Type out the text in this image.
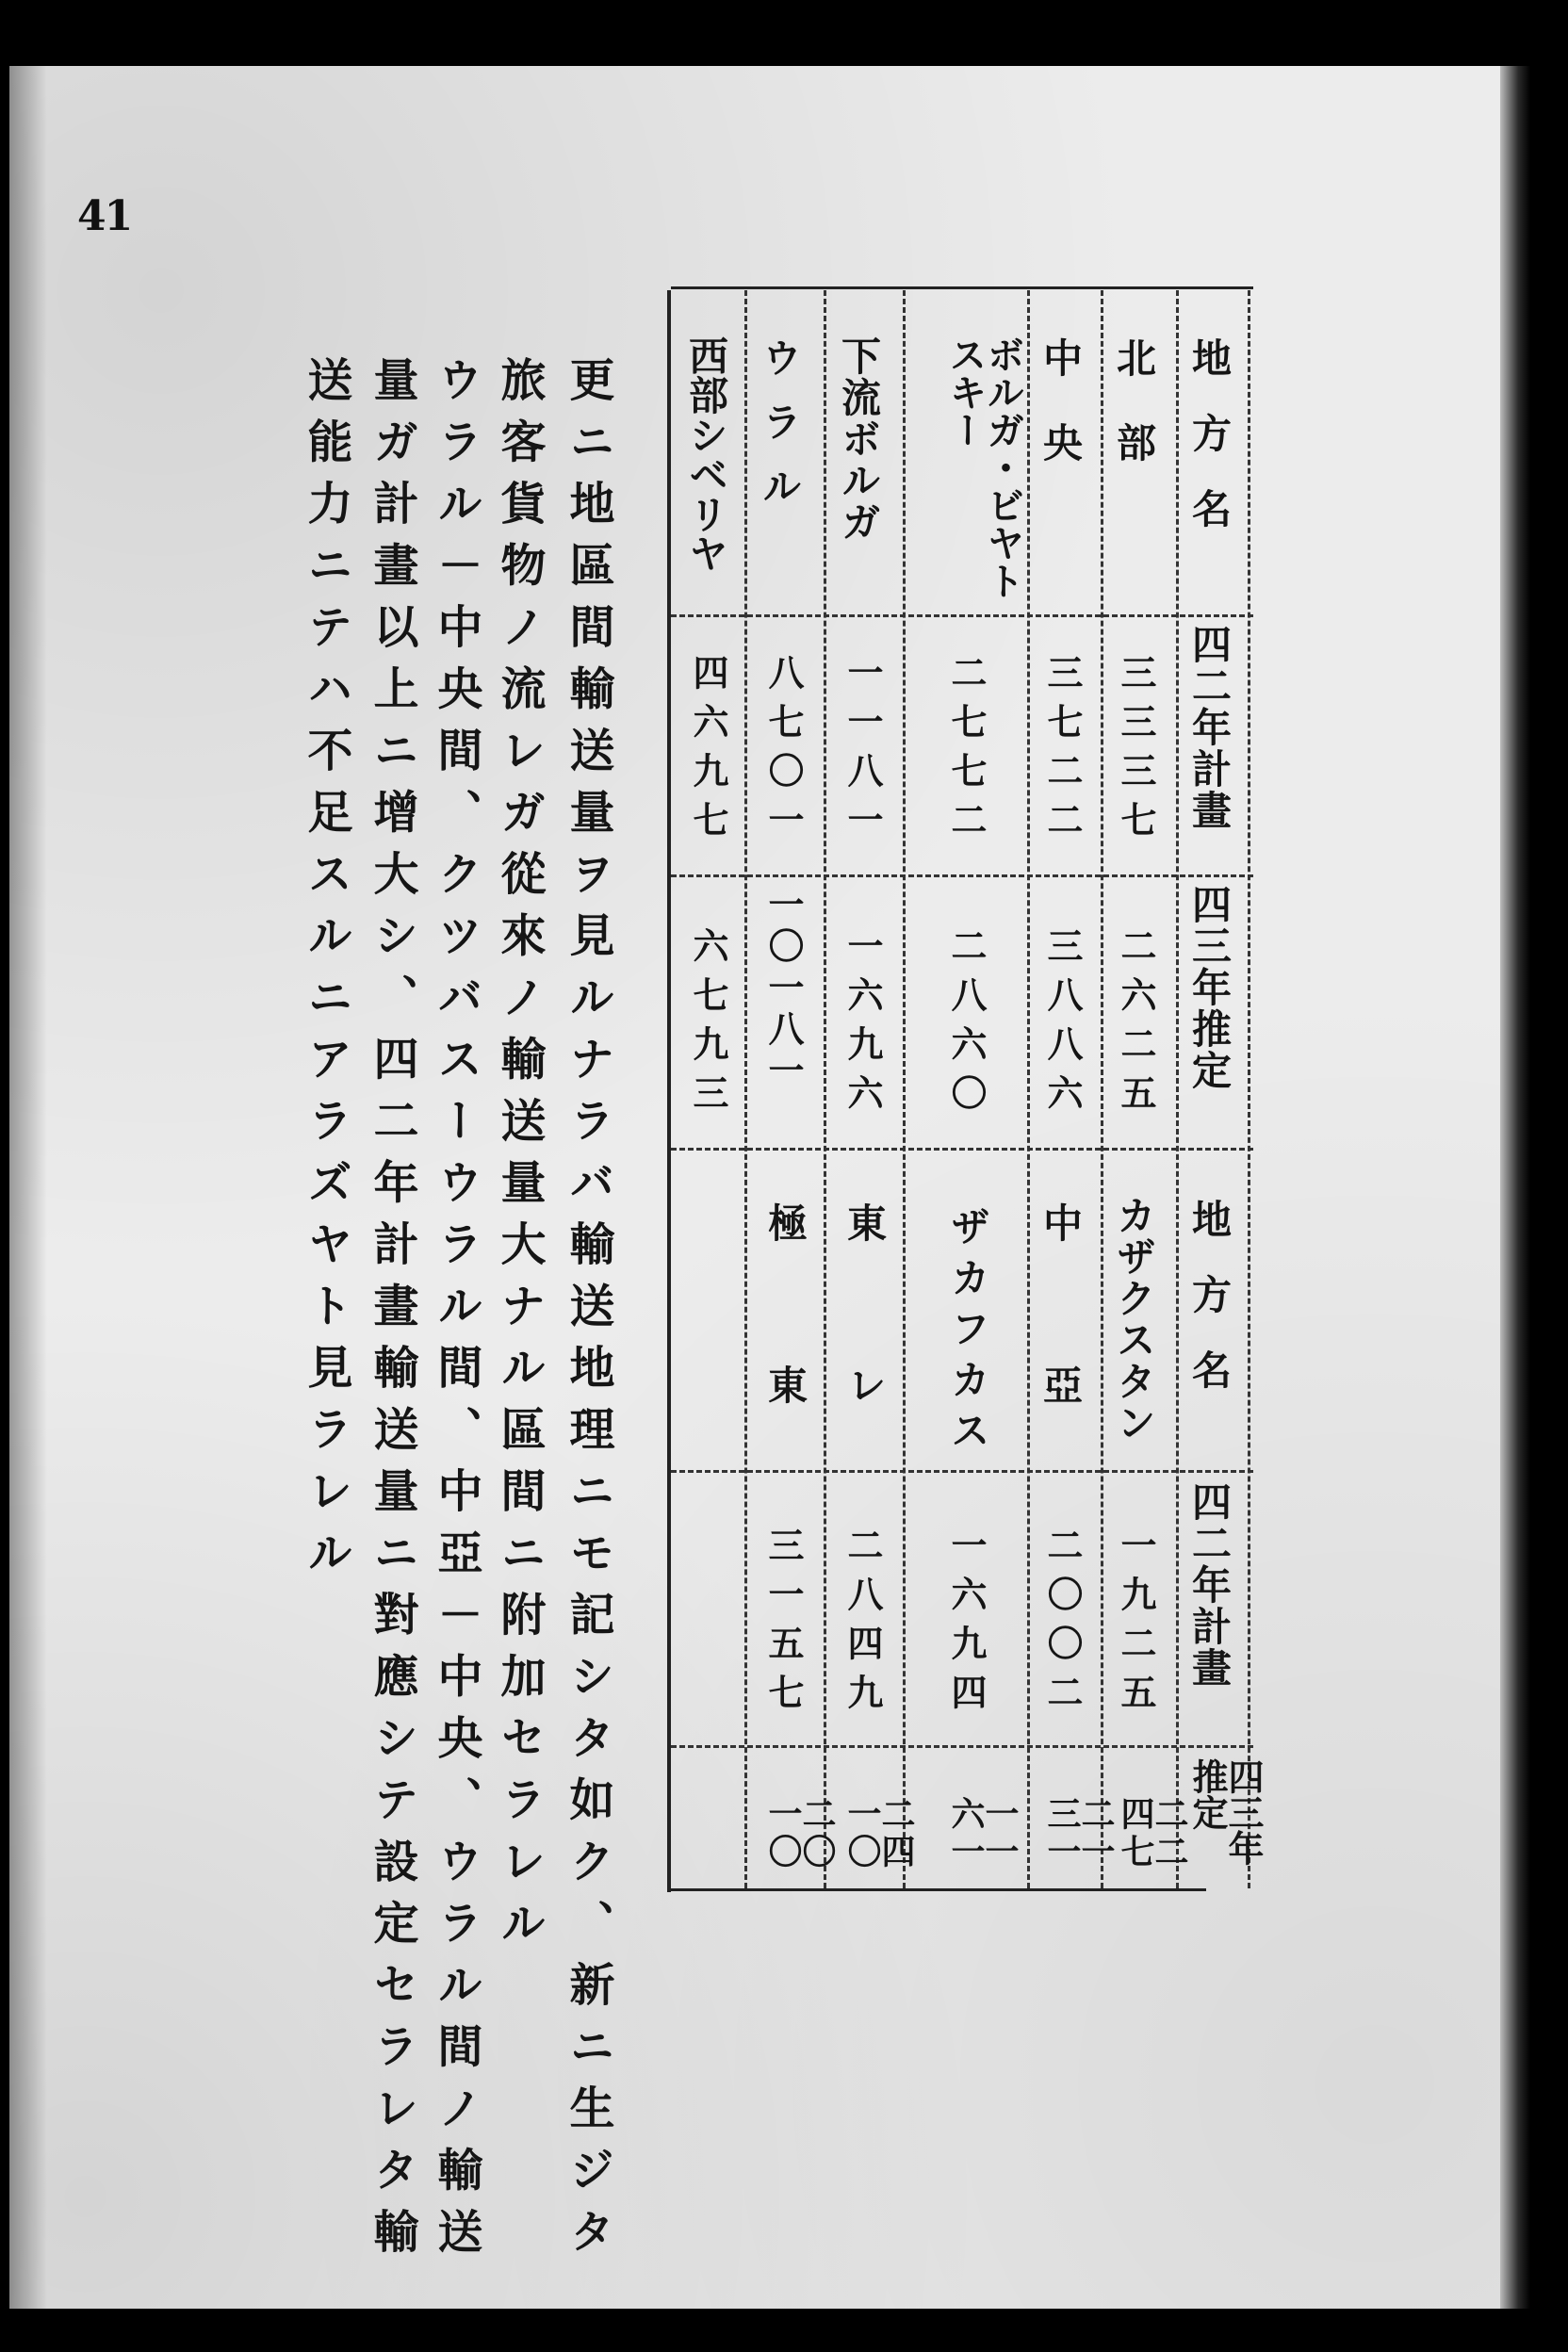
41
更ニ地區間輸送量ヲ見ルナラバ輸送地理ニモ記シタ如ク、新ニ生ジタ
旅客貨物ノ流レガ從來ノ輸送量大ナル區間ニ附加セラレル
ウラル－中央間、クツバスーウラル間、中亞－中央、ウラル間ノ輸送
量ガ計畫以上ニ增大シ、四二年計畫輸送量ニ對應シテ設定セラレタ輸
送能力ニテハ不足スルニアラズヤト見ラレル	地方名
四二年計畫
四三年推定
地方名
四二年計畫
四三年推定
北部
中央
ボルガ・ビヤトスキー
下流ボルガ
ウラル
西部シベリヤ
三三三七
三七二二
二七七二
一一八一
八七〇一
四六九七
二六二五
三八八六
二八六〇
一六九六
一〇一八一
六七九三
カザクスタン
中亞
ザカフカス
東レ
極東
一九二五
二〇〇二
一六九四
二八四九
三一五七
二二四七
二一三一
一一六一
二四一〇
二〇一〇
